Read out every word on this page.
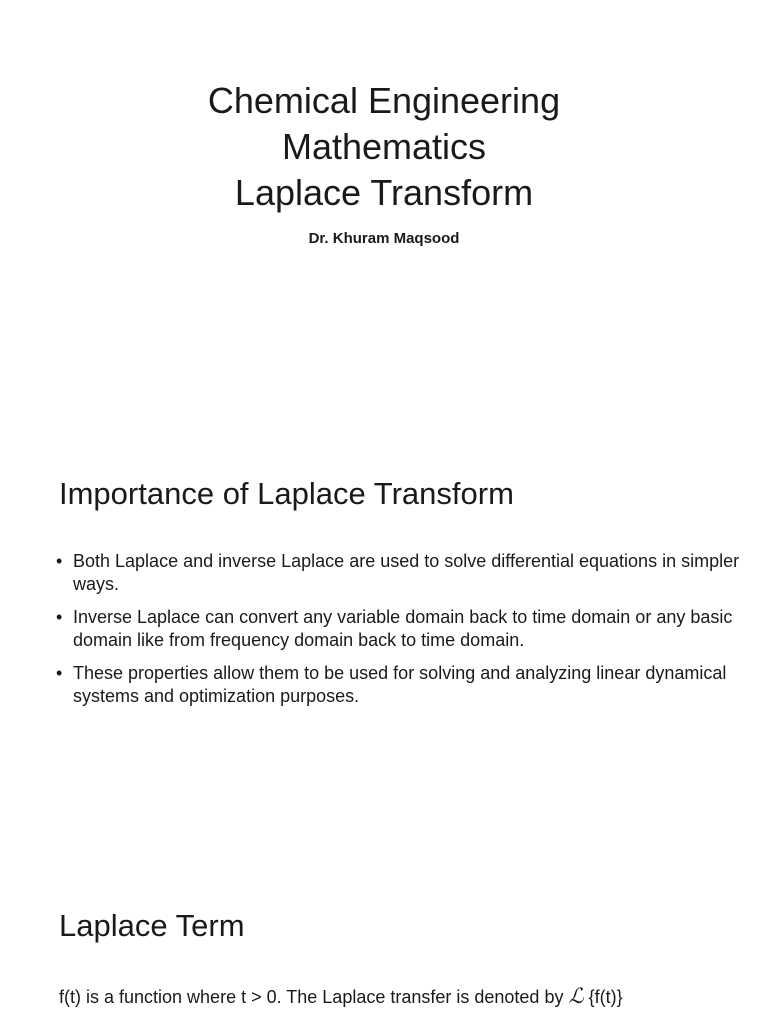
Chemical Engineering
Mathematics
Laplace Transform
Dr. Khuram Maqsood
Importance of Laplace Transform
• Both Laplace and inverse Laplace are used to solve differential equations in simpler ways.
• Inverse Laplace can convert any variable domain back to time domain or any basic domain like from frequency domain back to time domain.
• These properties allow them to be used for solving and analyzing linear dynamical systems and optimization purposes.
Laplace Term
f(t) is a function where t > 0. The Laplace transfer is denoted by ℒ {f(t)}
